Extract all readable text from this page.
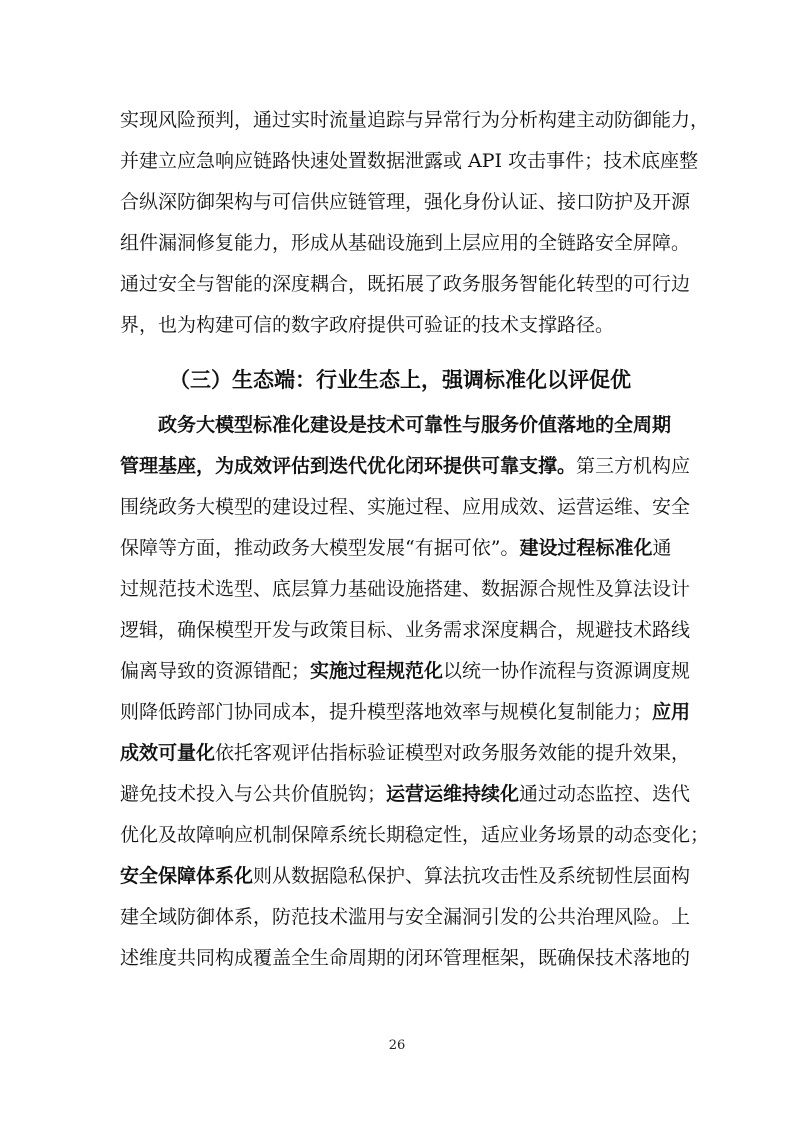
实现风险预判，通过实时流量追踪与异常行为分析构建主动防御能力，
并建立应急响应链路快速处置数据泄露或 API 攻击事件；技术底座整
合纵深防御架构与可信供应链管理，强化身份认证、接口防护及开源
组件漏洞修复能力，形成从基础设施到上层应用的全链路安全屏障。
通过安全与智能的深度耦合，既拓展了政务服务智能化转型的可行边
界，也为构建可信的数字政府提供可验证的技术支撑路径。
（三）生态端：行业生态上，强调标准化以评促优
政务大模型标准化建设是技术可靠性与服务价值落地的全周期
管理基座，为成效评估到迭代优化闭环提供可靠支撑。第三方机构应
围绕政务大模型的建设过程、实施过程、应用成效、运营运维、安全
保障等方面，推动政务大模型发展“有据可依”。建设过程标准化通
过规范技术选型、底层算力基础设施搭建、数据源合规性及算法设计
逻辑，确保模型开发与政策目标、业务需求深度耦合，规避技术路线
偏离导致的资源错配；实施过程规范化以统一协作流程与资源调度规
则降低跨部门协同成本，提升模型落地效率与规模化复制能力；应用
成效可量化依托客观评估指标验证模型对政务服务效能的提升效果，
避免技术投入与公共价值脱钩；运营运维持续化通过动态监控、迭代
优化及故障响应机制保障系统长期稳定性，适应业务场景的动态变化；
安全保障体系化则从数据隐私保护、算法抗攻击性及系统韧性层面构
建全域防御体系，防范技术滥用与安全漏洞引发的公共治理风险。上
述维度共同构成覆盖全生命周期的闭环管理框架，既确保技术落地的
26
